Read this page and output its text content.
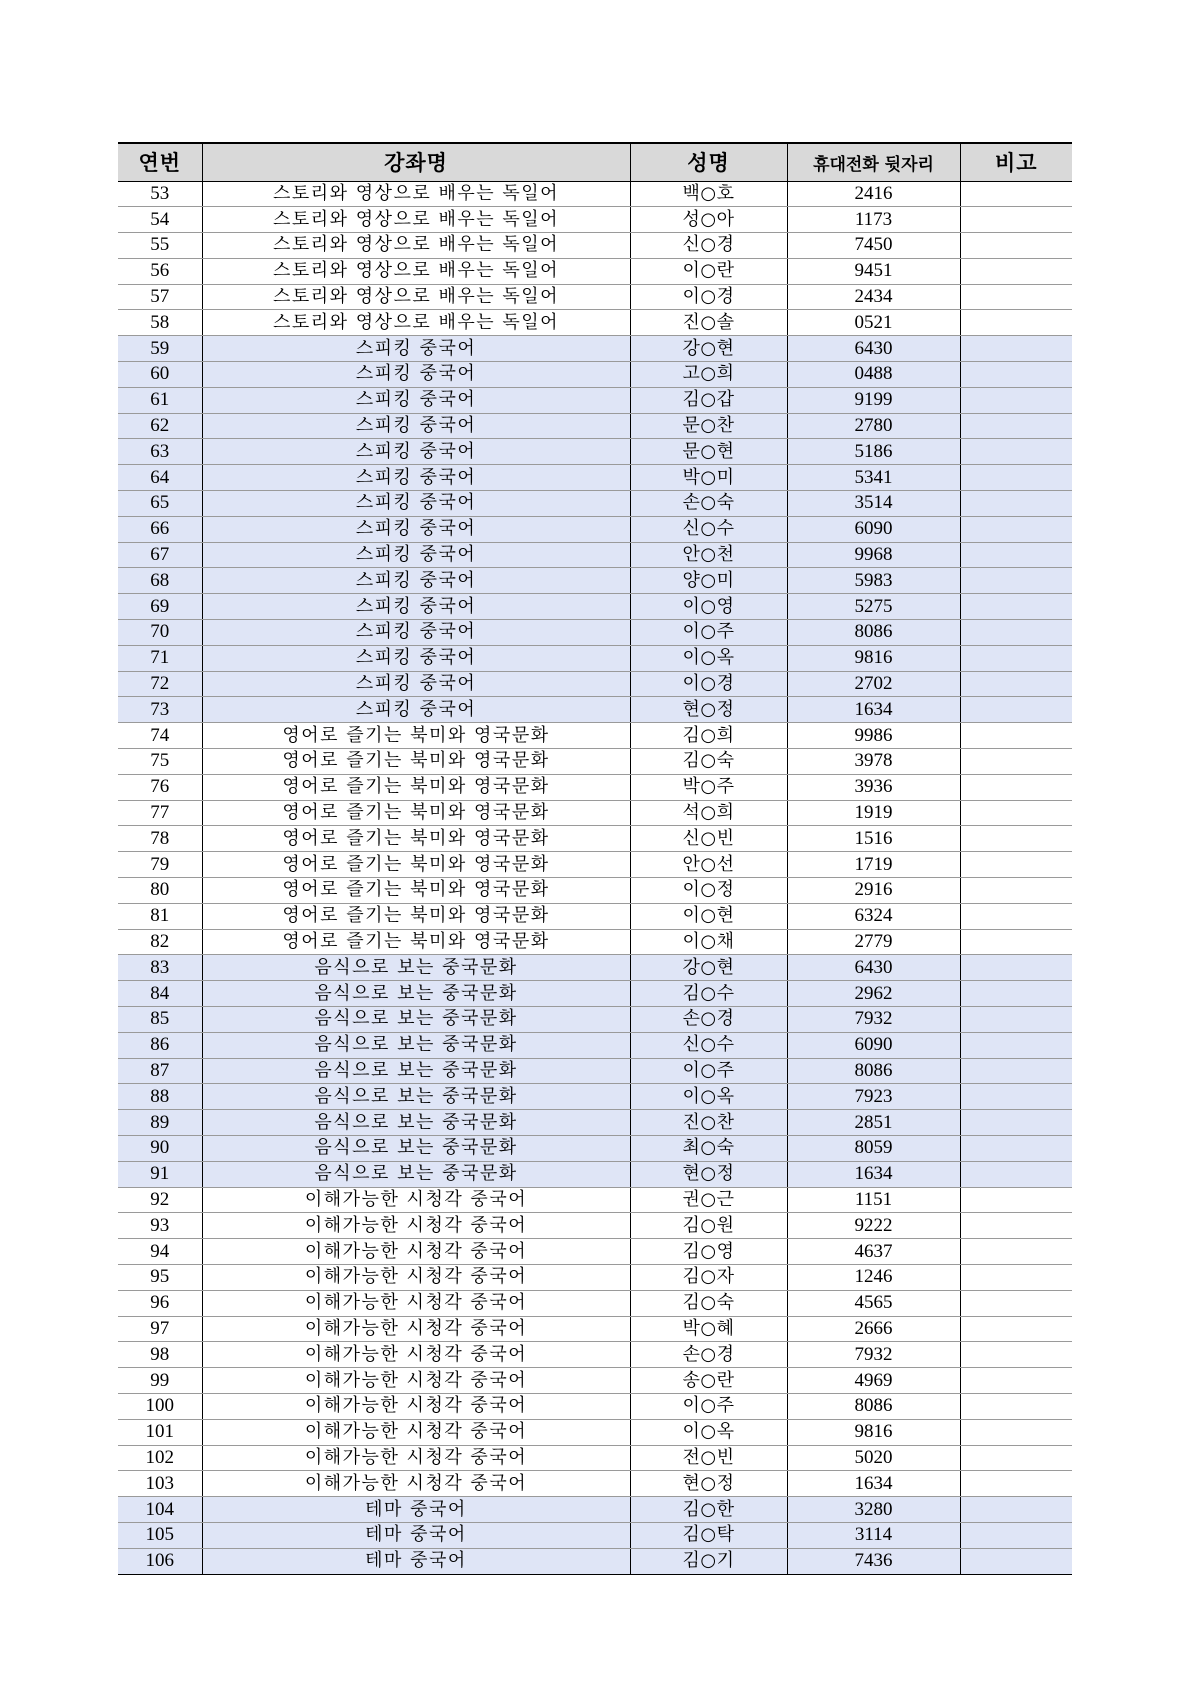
연번	강좌명	성명	휴대전화 뒷자리	비고
53	스토리와 영상으로 배우는 독일어	백○호	2416	
54	스토리와 영상으로 배우는 독일어	성○아	1173	
55	스토리와 영상으로 배우는 독일어	신○경	7450	
56	스토리와 영상으로 배우는 독일어	이○란	9451	
57	스토리와 영상으로 배우는 독일어	이○경	2434	
58	스토리와 영상으로 배우는 독일어	진○솔	0521	
59	스피킹 중국어	강○현	6430	
60	스피킹 중국어	고○희	0488	
61	스피킹 중국어	김○갑	9199	
62	스피킹 중국어	문○찬	2780	
63	스피킹 중국어	문○현	5186	
64	스피킹 중국어	박○미	5341	
65	스피킹 중국어	손○숙	3514	
66	스피킹 중국어	신○수	6090	
67	스피킹 중국어	안○천	9968	
68	스피킹 중국어	양○미	5983	
69	스피킹 중국어	이○영	5275	
70	스피킹 중국어	이○주	8086	
71	스피킹 중국어	이○옥	9816	
72	스피킹 중국어	이○경	2702	
73	스피킹 중국어	현○정	1634	
74	영어로 즐기는 북미와 영국문화	김○희	9986	
75	영어로 즐기는 북미와 영국문화	김○숙	3978	
76	영어로 즐기는 북미와 영국문화	박○주	3936	
77	영어로 즐기는 북미와 영국문화	석○희	1919	
78	영어로 즐기는 북미와 영국문화	신○빈	1516	
79	영어로 즐기는 북미와 영국문화	안○선	1719	
80	영어로 즐기는 북미와 영국문화	이○정	2916	
81	영어로 즐기는 북미와 영국문화	이○현	6324	
82	영어로 즐기는 북미와 영국문화	이○채	2779	
83	음식으로 보는 중국문화	강○현	6430	
84	음식으로 보는 중국문화	김○수	2962	
85	음식으로 보는 중국문화	손○경	7932	
86	음식으로 보는 중국문화	신○수	6090	
87	음식으로 보는 중국문화	이○주	8086	
88	음식으로 보는 중국문화	이○옥	7923	
89	음식으로 보는 중국문화	진○찬	2851	
90	음식으로 보는 중국문화	최○숙	8059	
91	음식으로 보는 중국문화	현○정	1634	
92	이해가능한 시청각 중국어	권○근	1151	
93	이해가능한 시청각 중국어	김○원	9222	
94	이해가능한 시청각 중국어	김○영	4637	
95	이해가능한 시청각 중국어	김○자	1246	
96	이해가능한 시청각 중국어	김○숙	4565	
97	이해가능한 시청각 중국어	박○혜	2666	
98	이해가능한 시청각 중국어	손○경	7932	
99	이해가능한 시청각 중국어	송○란	4969	
100	이해가능한 시청각 중국어	이○주	8086	
101	이해가능한 시청각 중국어	이○옥	9816	
102	이해가능한 시청각 중국어	전○빈	5020	
103	이해가능한 시청각 중국어	현○정	1634	
104	테마 중국어	김○한	3280	
105	테마 중국어	김○탁	3114	
106	테마 중국어	김○기	7436	
